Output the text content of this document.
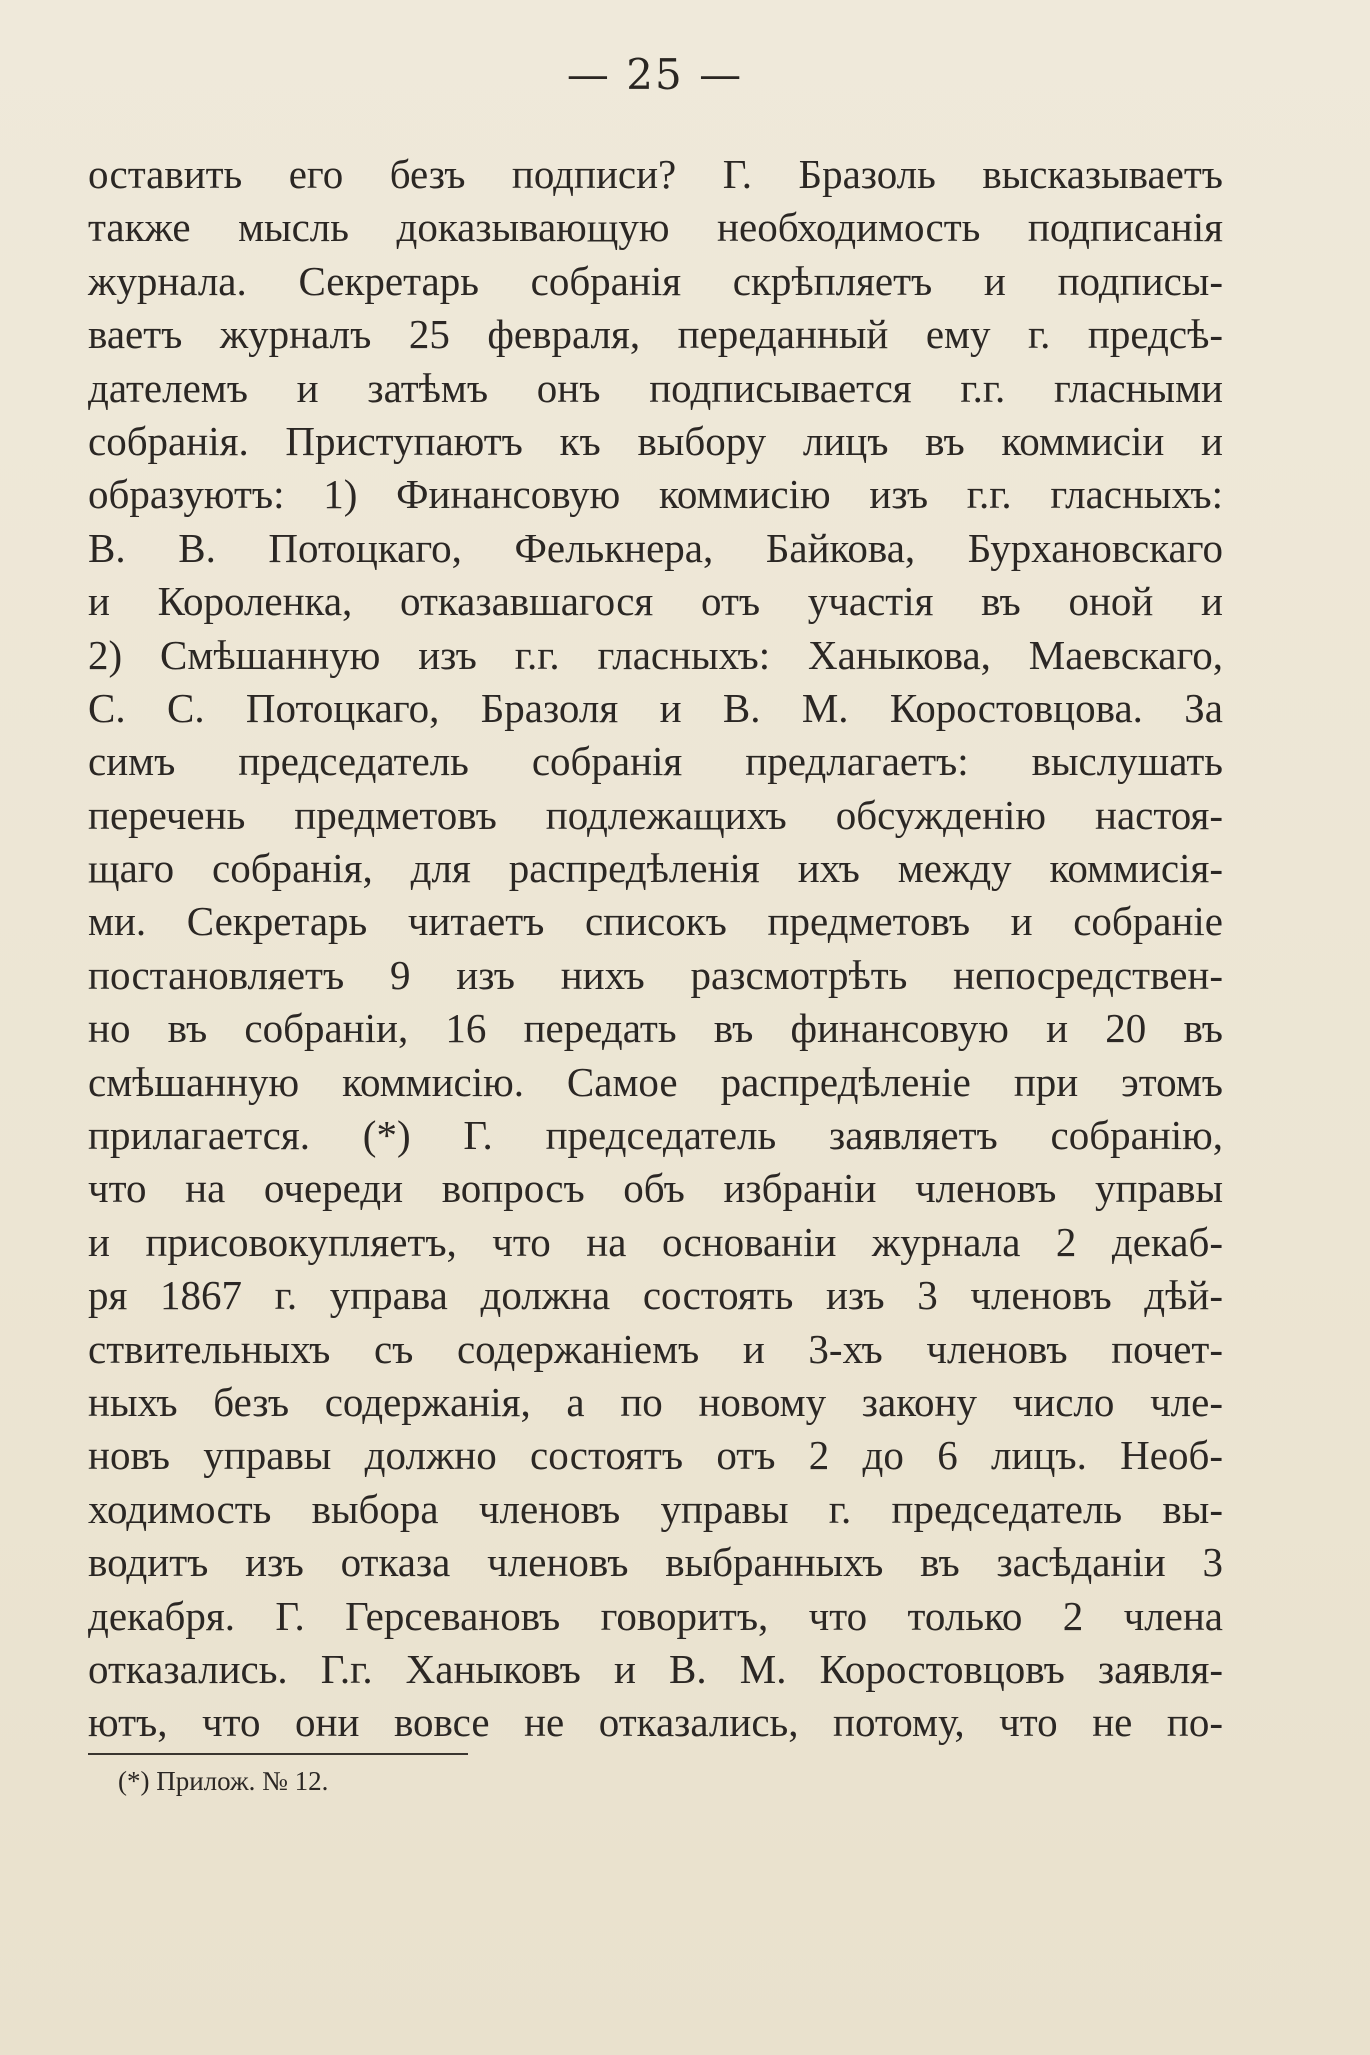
— 25 —
оставить его безъ подписи? Г. Бразоль высказываетъ
также мысль доказывающую необходимость подписанія
журнала. Секретарь собранія скрѣпляетъ и подписы-
ваетъ журналъ 25 февраля, переданный ему г. предсѣ-
дателемъ и затѣмъ онъ подписывается г.г. гласными
собранія. Приступаютъ къ выбору лицъ въ коммисіи и
образуютъ: 1) Финансовую коммисію изъ г.г. гласныхъ:
В. В. Потоцкаго, Фелькнера, Байкова, Бурхановскаго
и Короленка, отказавшагося отъ участія въ оной и
2) Смѣшанную изъ г.г. гласныхъ: Ханыкова, Маевскаго,
С. С. Потоцкаго, Бразоля и В. М. Коростовцова. За
симъ председатель собранія предлагаетъ: выслушать
перечень предметовъ подлежащихъ обсужденію настоя-
щаго собранія, для распредѣленія ихъ между коммисія-
ми. Секретарь читаетъ списокъ предметовъ и собраніе
постановляетъ 9 изъ нихъ разсмотрѣть непосредствен-
но въ собраніи, 16 передать въ финансовую и 20 въ
смѣшанную коммисію. Самое распредѣленіе при этомъ
прилагается. (*) Г. председатель заявляетъ собранію,
что на очереди вопросъ объ избраніи членовъ управы
и присовокупляетъ, что на основаніи журнала 2 декаб-
ря 1867 г. управа должна состоять изъ 3 членовъ дѣй-
ствительныхъ съ содержаніемъ и 3-хъ членовъ почет-
ныхъ безъ содержанія, а по новому закону число чле-
новъ управы должно состоятъ отъ 2 до 6 лицъ. Необ-
ходимость выбора членовъ управы г. председатель вы-
водитъ изъ отказа членовъ выбранныхъ въ засѣданіи 3
декабря. Г. Герсевановъ говоритъ, что только 2 члена
отказались. Г.г. Ханыковъ и В. М. Коростовцовъ заявля-
ютъ, что они вовсе не отказались, потому, что не по-
(*) Прилож. № 12.
